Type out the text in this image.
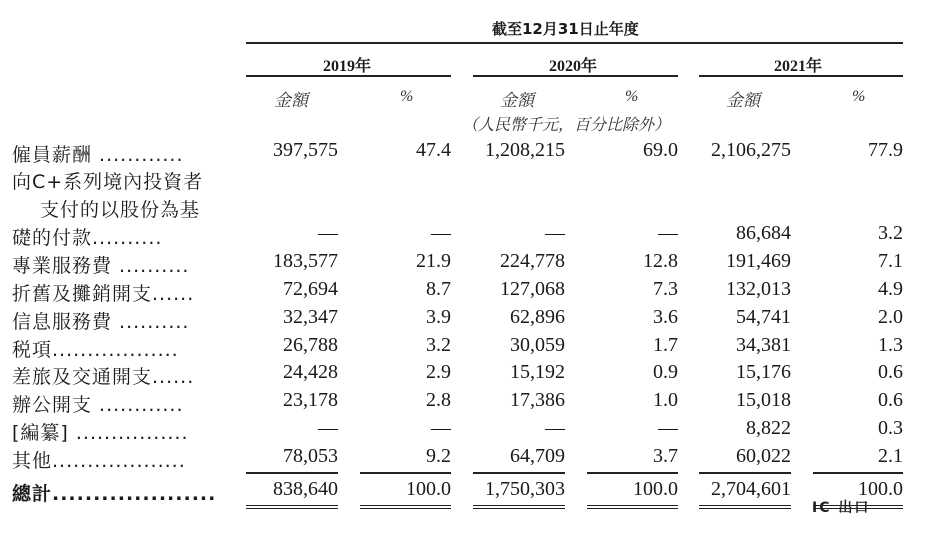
截至12月31日止年度
2019年	2020年	2021年
金額	%	金額	%	金額	%
（人民幣千元，百分比除外）
僱員薪酬 ............	397,575	47.4	1,208,215	69.0	2,106,275	77.9
向C+系列境內投資者
支付的以股份為基
礎的付款..........	—	—	—	—	86,684	3.2
專業服務費 ..........	183,577	21.9	224,778	12.8	191,469	7.1
折舊及攤銷開支......	72,694	8.7	127,068	7.3	132,013	4.9
信息服務費 ..........	32,347	3.9	62,896	3.6	54,741	2.0
税項..................	26,788	3.2	30,059	1.7	34,381	1.3
差旅及交通開支......	24,428	2.9	15,192	0.9	15,176	0.6
辦公開支 ............	23,178	2.8	17,386	1.0	15,018	0.6
[編纂] ................	—	—	—	—	8,822	0.3
其他...................	78,053	9.2	64,709	3.7	60,022	2.1
總計....................	838,640	100.0	1,750,303	100.0	2,704,601	100.0
IC 出口
